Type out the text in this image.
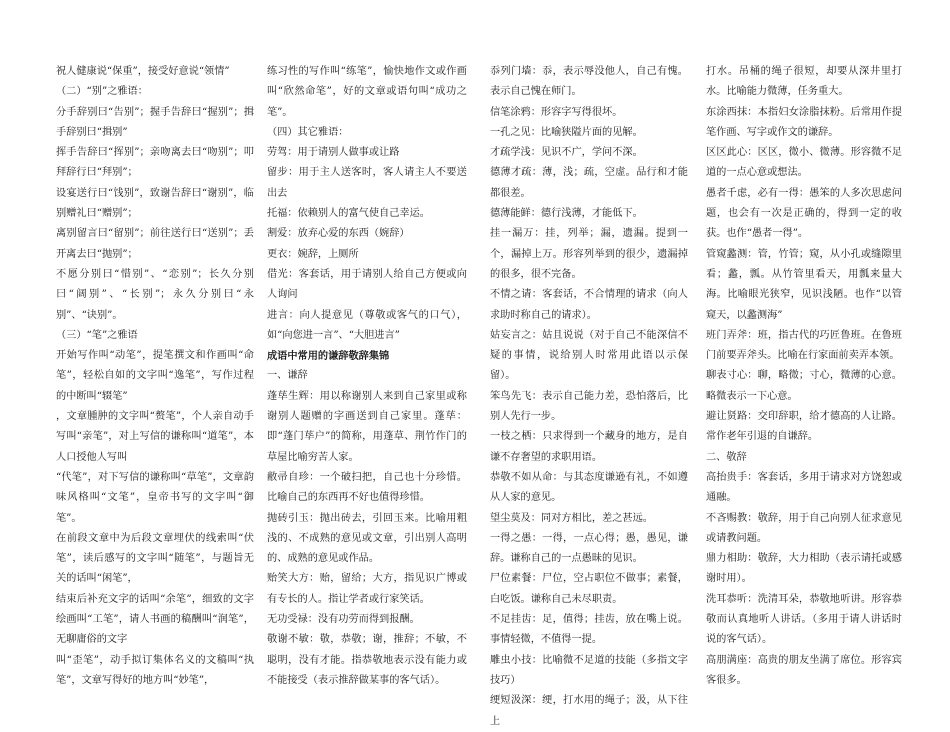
祝人健康说“保重”，接受好意说“领情”

（二）“别”之雅语：

分手辞别曰“告别”；握手告辞曰“握别”；揖手辞别曰“揖别”

挥手告辞曰“挥别”；亲吻离去曰“吻别”；叩拜辞行曰“拜别”；

设宴送行曰“饯别”，致谢告辞曰“谢别”，临别赠礼曰“赠别”；

离别留言曰“留别”；前往送行曰“送别”；丢开离去曰“抛别”；

不愿分别曰“惜别”、“恋别”；长久分别曰“阔别”、“长别”；永久分别曰“永别”、“诀别”。

（三）“笔”之雅语

开始写作叫“动笔”，提笔撰文和作画叫“命笔”，轻松自如的文字叫“逸笔”，写作过程的中断叫“辍笔”

，文章腫肿的文字叫“赘笔”，个人亲自动手写叫“亲笔”，对上写信的谦称叫“道笔”，本人口授他人写叫

“代笔”，对下写信的谦称叫“草笔”，文章韵味风格叫“文笔”，皇帝书写的文字叫“御笔”。

在前段文章中为后段文章埋伏的线索叫“伏笔”，读后感写的文字叫“随笔”，与题旨无关的话叫“闲笔”，

结束后补充文字的话叫“余笔”，细致的文字绘画叫“工笔”，请人书画的稿酬叫“润笔”，无聊庸俗的文字

叫“歪笔”，动手拟订集体名义的文稿叫“执笔”，文章写得好的地方叫“妙笔”，

练习性的写作叫“练笔”，愉快地作文或作画叫“欣然命笔”，好的文章或语句叫“成功之笔”。

（四）其它雅语：

劳驾：用于请别人做事或让路

留步：用于主人送客时，客人请主人不要送出去

托福：依赖别人的富气使自己幸运。

割爱：放弃心爱的东西（婉辞）

更衣：婉辞，上厕所

借光：客套话，用于请别人给自己方便或向人询问

进言：向人提意见（尊敬或客气的口气），如“向您进一言”、“大胆进言”

成语中常用的谦辞敬辞集锦

一、谦辞

蓬荜生辉：用以称谢别人来到自己家里或称谢别人题赠的字画送到自己家里。蓬荜：即“蓬门荜户”的简称，用蓬草、荆竹作门的草屋比喻穷苦人家。

敝帚自珍：一个破扫把，自己也十分珍惜。比喻自己的东西再不好也值得珍惜。

抛砖引玉：抛出砖去，引回玉来。比喻用粗浅的、不成熟的意见或文章，引出别人高明的、成熟的意见或作品。

贻笑大方：贻，留给；大方，指见识广博或有专长的人。指让学者或行家笑话。

无功受禄：没有功劳而得到报酬。

敬谢不敏：敬，恭敬；谢，推辞；不敏，不聪明，没有才能。指恭敬地表示没有能力或不能接受（表示推辞做某事的客气话）。

忝列门墙：忝，表示辱没他人，自己有愧。表示自己愧在师门。

信笔涂鸦：形容字写得很坏。

一孔之见：比喻狭隘片面的见解。

才疏学浅：见识不广，学问不深。

德薄才疏：薄，浅；疏，空虚。品行和才能都很差。

德薄能鲜：德行浅薄，才能低下。

挂一漏万：挂，列举；漏，遗漏。提到一个，漏掉上万。形容列举到的很少，遗漏掉的很多，很不完备。

不情之请：客套话，不合情理的请求（向人求助时称自己的请求）。

姑妄言之：姑且说说（对于自己不能深信不疑的事情，说给别人时常用此语以示保留）。

笨鸟先飞：表示自己能力差，恐怕落后，比别人先行一步。

一枝之栖：只求得到一个藏身的地方，是自谦不存奢望的求职用语。

恭敬不如从命：与其态度谦逊有礼，不如遵从人家的意见。

望尘莫及：同对方相比，差之甚远。

一得之愚：一得，一点心得；愚，愚见，谦辞。谦称自己的一点愚昧的见识。

尸位素餐：尸位，空占职位不做事；素餐，白吃饭。谦称自己未尽职责。

不足挂齿：足，值得；挂齿，放在嘴上说。事情轻微，不值得一提。

雕虫小技：比喻微不足道的技能（多指文字技巧）

绠短汲深：绠，打水用的绳子；汲，从下往上

打水。吊桶的绳子很短，却要从深井里打水。比喻能力微薄，任务重大。

东涂西抹：本指妇女涂脂抹粉。后常用作提笔作画、写字或作文的谦辞。

区区此心：区区，微小、微薄。形容微不足道的一点心意或想法。

愚者千虑，必有一得：愚笨的人多次思虑问题，也会有一次是正确的，得到一定的收获。也作“愚者一得”。

管窥蠡测：管，竹管；窥，从小孔或缝隙里看；蠡，瓢。从竹管里看天，用瓢来量大海。比喻眼光狭窄，见识浅陋。也作“以管窥天，以蠡测海”

班门弄斧：班，指古代的巧匠鲁班。在鲁班门前要弄斧头。比喻在行家面前卖弄本领。

聊表寸心：聊，略微；寸心，微薄的心意。略微表示一下心意。

避让贤路：交印辞职，给才德高的人让路。常作老年引退的自谦辞。

二、敬辞

高抬贵手：客套话，多用于请求对方饶恕或通融。

不吝赐教：敬辞，用于自己向别人征求意见或请教问题。

鼎力相助：敬辞，大力相助（表示请托或感谢时用）。

洗耳恭听：洗清耳朵，恭敬地听讲。形容恭敬而认真地听人讲话。（多用于请人讲话时说的客气话）。

高朋满座：高贵的朋友坐满了席位。形容宾客很多。
